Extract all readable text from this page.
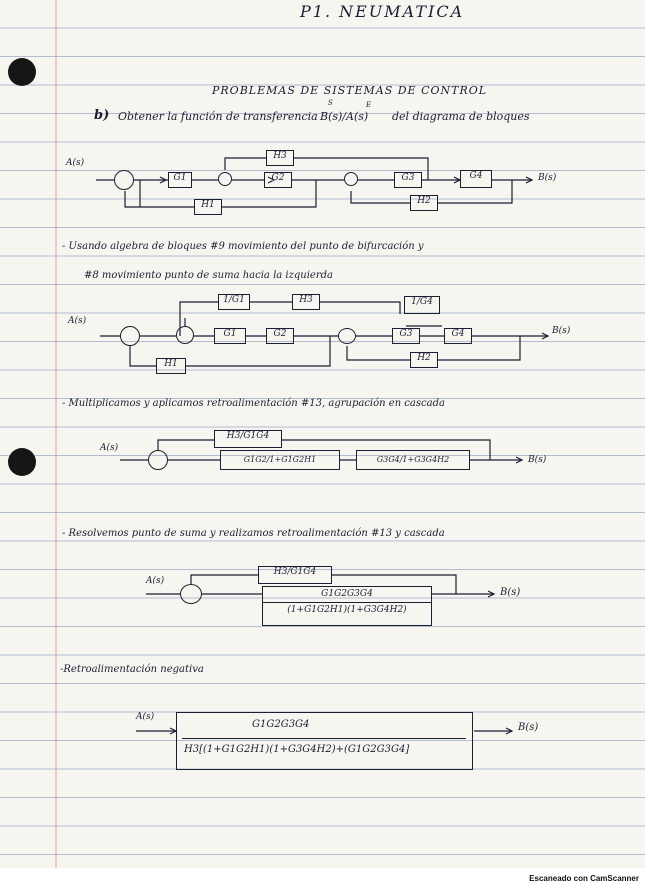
P1. NEUMATICA
PROBLEMAS DE SISTEMAS DE CONTROL
b) Obtener la función de transferencia
S	E
B(s)/A(s) del diagrama de bloques
A(s)
G1	G2	G3	G4
H3
H1	H2
B(s)
- Usando algebra de bloques #9 movimiento del punto de bifurcación y
#8 movimiento punto de suma hacia la izquierda
A(s)
1/G1	H3	1/G4
G1	G2	G3	G4
H1
H2
B(s)
- Multiplicamos y aplicamos retroalimentación #13, agrupación en cascada
A(s)
H3/G1G4
G1G2/1+G1G2H1	G3G4/1+G3G4H2	B(s)
- Resolvemos punto de suma y realizamos retroalimentación #13 y cascada
A(s)
H3/G1G4
$\frac{G1G2G3G4}{(1+G1G2H1)(1+G3G4H2)}$	B(s)
-Retroalimentación negativa
A(s)
G1G2G3G4
H3[(1+G1G2H1)(1+G3G4H2)+(G1G2G3G4]
B(s)
Escaneado con CamScanner
